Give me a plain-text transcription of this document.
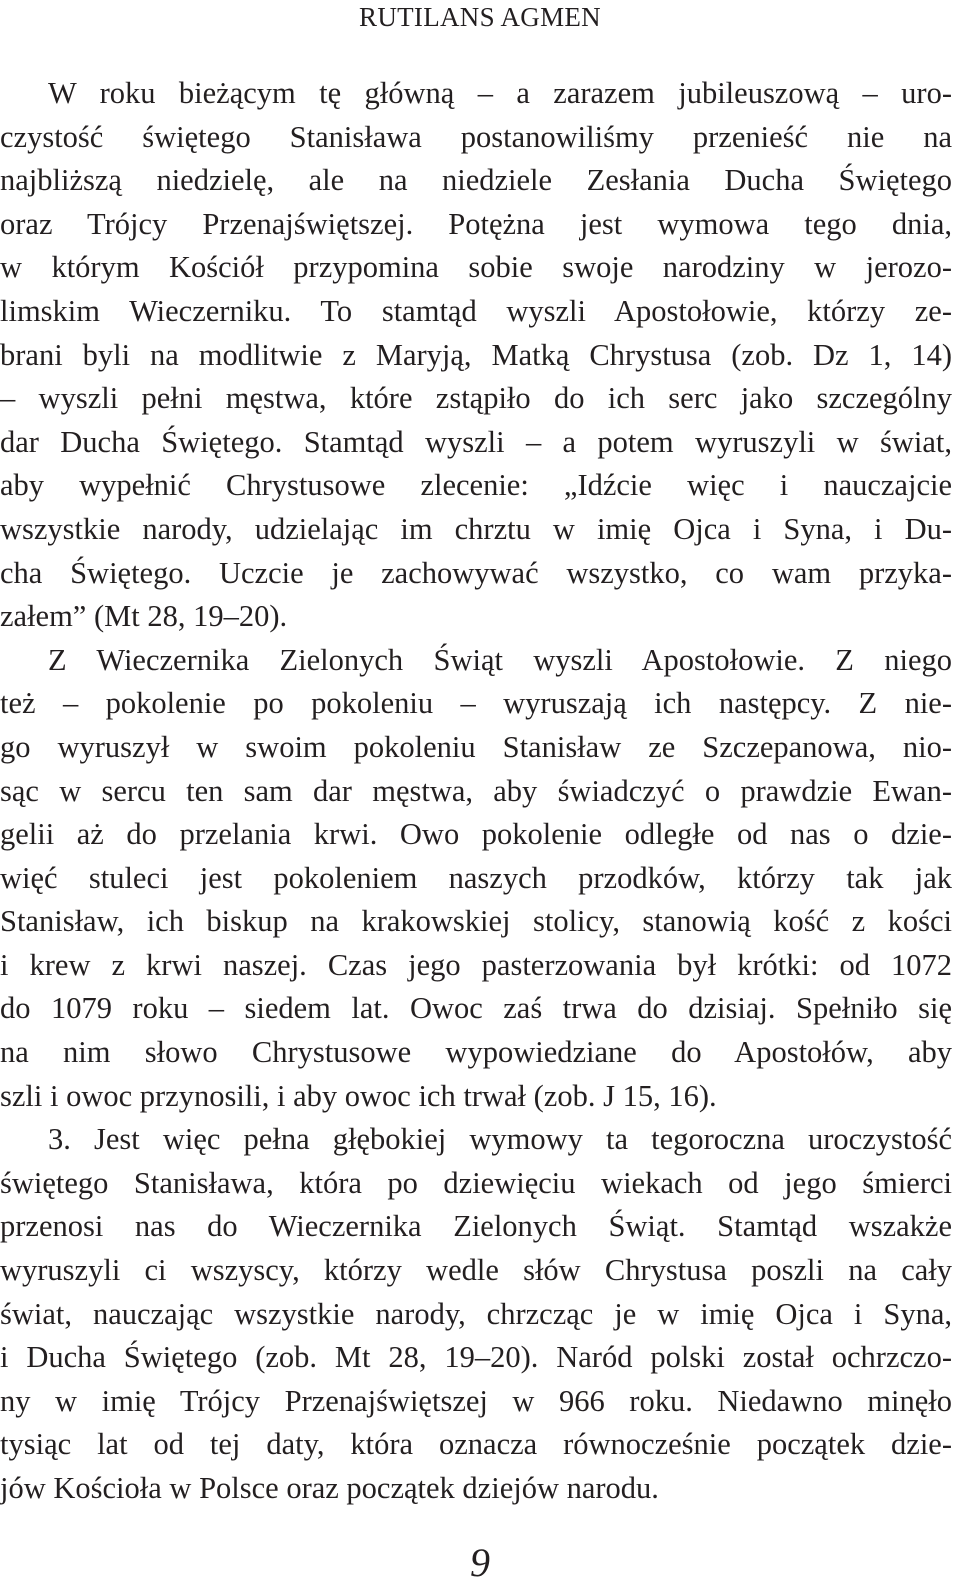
RUTILANS AGMEN
W roku bieżącym tę główną – a zarazem jubileuszową – uro-
czystość świętego Stanisława postanowiliśmy przenieść nie na
najbliższą niedzielę, ale na niedziele Zesłania Ducha Świętego
oraz Trójcy Przenajświętszej. Potężna jest wymowa tego dnia,
w którym Kościół przypomina sobie swoje narodziny w jerozo-
limskim Wieczerniku. To stamtąd wyszli Apostołowie, którzy ze-
brani byli na modlitwie z Maryją, Matką Chrystusa (zob. Dz 1, 14)
– wyszli pełni męstwa, które zstąpiło do ich serc jako szczególny
dar Ducha Świętego. Stamtąd wyszli – a potem wyruszyli w świat,
aby wypełnić Chrystusowe zlecenie: „Idźcie więc i nauczajcie
wszystkie narody, udzielając im chrztu w imię Ojca i Syna, i Du-
cha Świętego. Uczcie je zachowywać wszystko, co wam przyka-
załem” (Mt 28, 19–20).
Z Wieczernika Zielonych Świąt wyszli Apostołowie. Z niego
też – pokolenie po pokoleniu – wyruszają ich następcy. Z nie-
go wyruszył w swoim pokoleniu Stanisław ze Szczepanowa, nio-
sąc w sercu ten sam dar męstwa, aby świadczyć o prawdzie Ewan-
gelii aż do przelania krwi. Owo pokolenie odległe od nas o dzie-
więć stuleci jest pokoleniem naszych przodków, którzy tak jak
Stanisław, ich biskup na krakowskiej stolicy, stanowią kość z kości
i krew z krwi naszej. Czas jego pasterzowania był krótki: od 1072
do 1079 roku – siedem lat. Owoc zaś trwa do dzisiaj. Spełniło się
na nim słowo Chrystusowe wypowiedziane do Apostołów, aby
szli i owoc przynosili, i aby owoc ich trwał (zob. J 15, 16).
3. Jest więc pełna głębokiej wymowy ta tegoroczna uroczystość
świętego Stanisława, która po dziewięciu wiekach od jego śmierci
przenosi nas do Wieczernika Zielonych Świąt. Stamtąd wszakże
wyruszyli ci wszyscy, którzy wedle słów Chrystusa poszli na cały
świat, nauczając wszystkie narody, chrzcząc je w imię Ojca i Syna,
i Ducha Świętego (zob. Mt 28, 19–20). Naród polski został ochrzczo-
ny w imię Trójcy Przenajświętszej w 966 roku. Niedawno minęło
tysiąc lat od tej daty, która oznacza równocześnie początek dzie-
jów Kościoła w Polsce oraz początek dziejów narodu.
9
